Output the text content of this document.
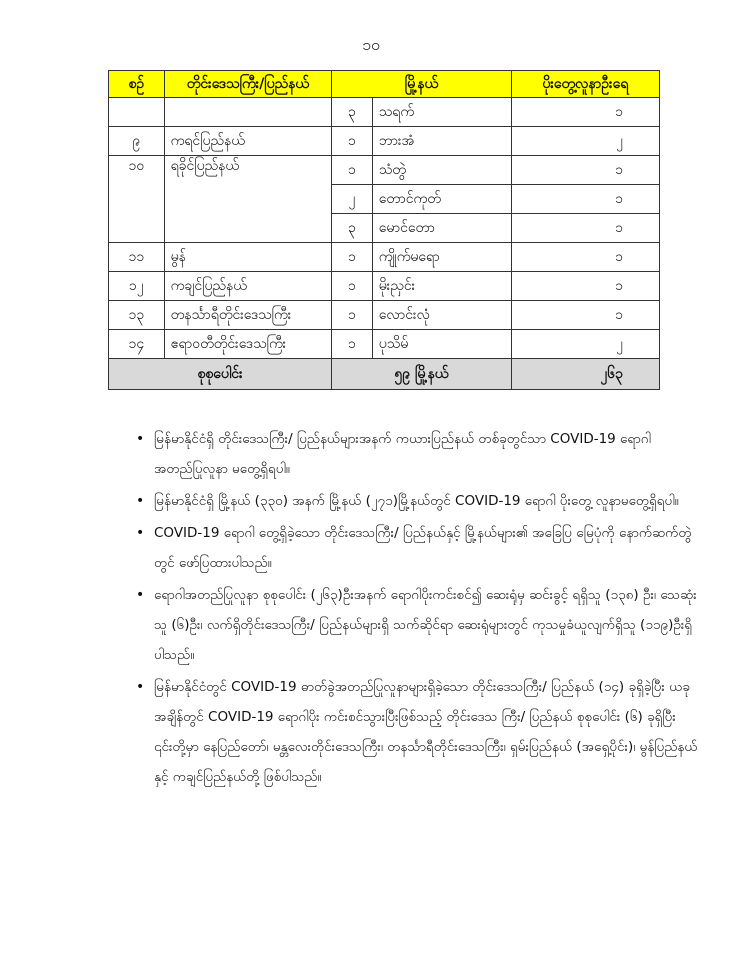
၁၀
စဉ်	တိုင်းဒေသကြီး/ပြည်နယ်	မြို့နယ်		ပိုးတွေ့လူနာဦးရေ
		၃	သရက်	၁
၉	ကရင်ပြည်နယ်	၁	ဘားအံ	၂
၁၀	ရခိုင်ပြည်နယ်	၁	သံတွဲ	၁
		၂	တောင်ကုတ်	၁
		၃	မောင်တော	၁
၁၁	မွန်	၁	ကျိုက်မရော	၁
၁၂	ကချင်ပြည်နယ်	၁	မိုးညှင်း	၁
၁၃	တနင်္သာရီတိုင်းဒေသကြီး	၁	လောင်းလုံ	၁
၁၄	ဧရာဝတီတိုင်းဒေသကြီး	၁	ပုသိမ်	၂
စုစုပေါင်း		၅၉ မြို့နယ်		၂၆၃
• မြန်မာနိုင်ငံရှိ တိုင်းဒေသကြီး/ ပြည်နယ်များအနက် ကယားပြည်နယ် တစ်ခုတွင်သာ COVID-19 ရောဂါ အတည်ပြုလူနာ မတွေ့ရှိရပါ။
• မြန်မာနိုင်ငံရှိ မြို့နယ် (၃၃၀) အနက် မြို့နယ် (၂၇၁)မြို့နယ်တွင် COVID-19 ရောဂါ ပိုးတွေ့ လူနာမတွေ့ရှိရပါ။
• COVID-19 ရောဂါ တွေ့ရှိခဲ့သော တိုင်းဒေသကြီး/ ပြည်နယ်နှင့် မြို့နယ်များ၏ အခြေပြ မြေပုံကို နောက်ဆက်တွဲတွင် ဖော်ပြထားပါသည်။
• ရောဂါအတည်ပြုလူနာ စုစုပေါင်း (၂၆၃)ဦးအနက် ရောဂါပိုးကင်းစင်၍ ဆေးရုံမှ ဆင်းခွင့် ရရှိသူ (၁၃၈) ဦး၊ သေဆုံးသူ (၆)ဦး၊ လက်ရှိတိုင်းဒေသကြီး/ ပြည်နယ်များရှိ သက်ဆိုင်ရာ ဆေးရုံများတွင် ကုသမှုခံယူလျက်ရှိသူ (၁၁၉)ဦးရှိပါသည်။
• မြန်မာနိုင်ငံတွင် COVID-19 ဓာတ်ခွဲအတည်ပြုလူနာများရှိခဲ့သော တိုင်းဒေသကြီး/ ပြည်နယ် (၁၄) ခုရှိခဲ့ပြီး ယခုအချိန်တွင် COVID-19 ရောဂါပိုး ကင်းစင်သွားပြီးဖြစ်သည့် တိုင်းဒေသ ကြီး/ ပြည်နယ် စုစုပေါင်း (၆) ခုရှိပြီး ၎င်းတို့မှာ နေပြည်တော်၊ မန္တလေးတိုင်းဒေသကြီး၊ တနင်္သာရီတိုင်းဒေသကြီး၊ ရှမ်းပြည်နယ် (အရှေ့ပိုင်း)၊ မွန်ပြည်နယ်နှင့် ကချင်ပြည်နယ်တို့ ဖြစ်ပါသည်။
